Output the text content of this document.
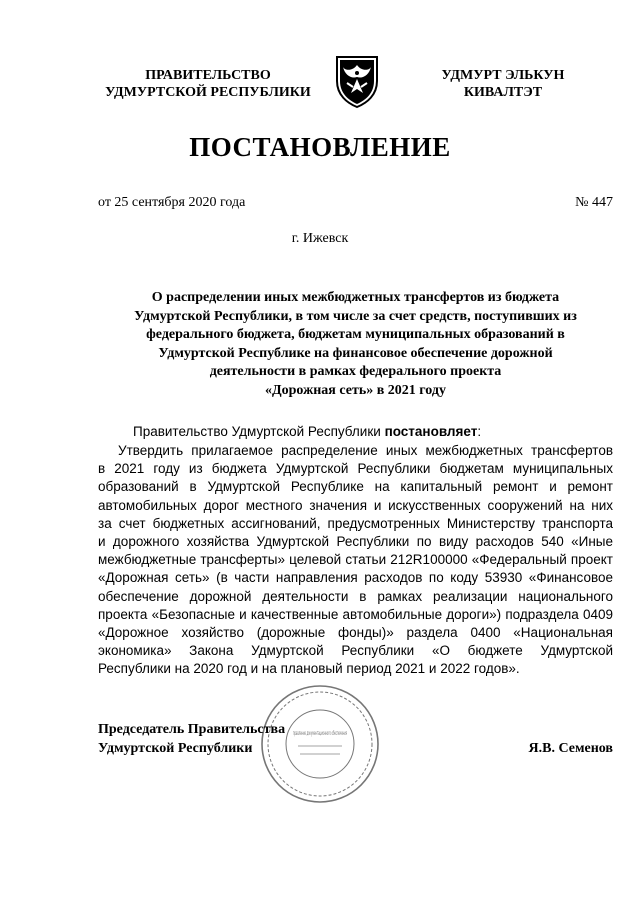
ПРАВИТЕЛЬСТВО
УДМУРТСКОЙ РЕСПУБЛИКИ
УДМУРТ ЭЛЬКУН
КИВАЛТЭТ
ПОСТАНОВЛЕНИЕ
от 25 сентября 2020 года	№ 447
г. Ижевск
О распределении иных межбюджетных трансфертов из бюджета
Удмуртской Республики, в том числе за счет средств, поступивших из
федерального бюджета, бюджетам муниципальных образований в
Удмуртской Республике на финансовое обеспечение дорожной
деятельности в рамках федерального проекта
«Дорожная сеть» в 2021 году
Правительство Удмуртской Республики постановляет:
Утвердить прилагаемое распределение иных межбюджетных трансфертов
в 2021 году из бюджета Удмуртской Республики бюджетам муниципальных
образований в Удмуртской Республике на капитальный ремонт и ремонт
автомобильных дорог местного значения и искусственных сооружений на них
за счет бюджетных ассигнований, предусмотренных Министерству транспорта
и дорожного хозяйства Удмуртской Республики по виду расходов 540 «Иные
межбюджетные трансферты» целевой статьи 212R100000 «Федеральный проект
«Дорожная сеть» (в части направления расходов по коду 53930 «Финансовое
обеспечение дорожной деятельности в рамках реализации национального
проекта «Безопасные и качественные автомобильные дороги») подраздела 0409
«Дорожное хозяйство (дорожные фонды)» раздела 0400 «Национальная
экономика» Закона Удмуртской Республики «О бюджете Удмуртской
Республики на 2020 год и на плановый период 2021 и 2022 годов».
правление документационного обеспечения
Председатель Правительства
Удмуртской Республики	Я.В. Семенов
